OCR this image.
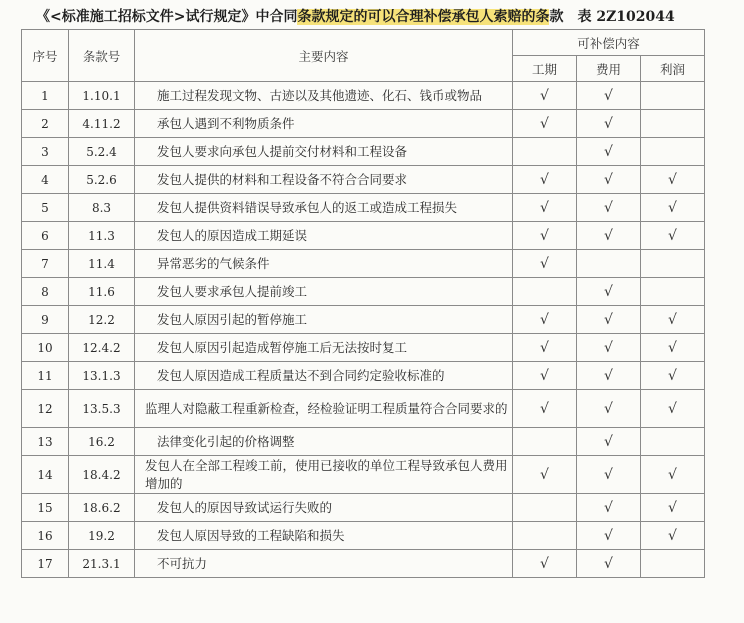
《<标准施工招标文件>试行规定》中合同条款规定的可以合理补偿承包人索赔的条款 表 2Z102044
序号	条款号	主要内容	可补偿内容		
			工期	费用	利润
1	1.10.1	施工过程发现文物、古迹以及其他遗迹、化石、钱币或物品	√	√	
2	4.11.2	承包人遇到不利物质条件	√	√	
3	5.2.4	发包人要求向承包人提前交付材料和工程设备		√	
4	5.2.6	发包人提供的材料和工程设备不符合合同要求	√	√	√
5	8.3	发包人提供资料错误导致承包人的返工或造成工程损失	√	√	√
6	11.3	发包人的原因造成工期延误	√	√	√
7	11.4	异常恶劣的气候条件	√		
8	11.6	发包人要求承包人提前竣工		√	
9	12.2	发包人原因引起的暂停施工	√	√	√
10	12.4.2	发包人原因引起造成暂停施工后无法按时复工	√	√	√
11	13.1.3	发包人原因造成工程质量达不到合同约定验收标准的	√	√	√
12	13.5.3	监理人对隐蔽工程重新检查，经检验证明工程质量符合合同要求的	√	√	√
13	16.2	法律变化引起的价格调整		√	
14	18.4.2	发包人在全部工程竣工前，使用已接收的单位工程导致承包人费用增加的	√	√	√
15	18.6.2	发包人的原因导致试运行失败的		√	√
16	19.2	发包人原因导致的工程缺陷和损失		√	√
17	21.3.1	不可抗力	√	√	
